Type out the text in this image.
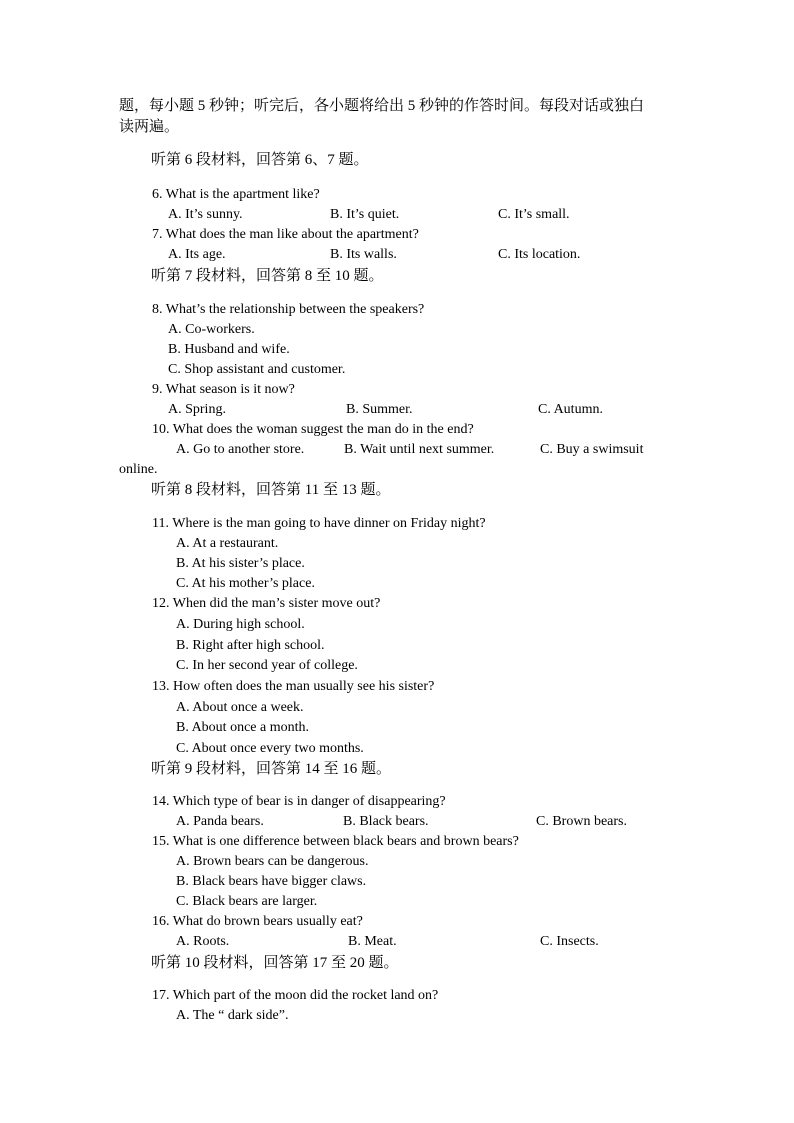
题，每小题 5 秒钟；听完后，各小题将给出 5 秒钟的作答时间。每段对话或独白
读两遍。
听第 6 段材料，回答第 6、7 题。
6. What is the apartment like?
A. It’s sunny.	B. It’s quiet.	C. It’s small.
7. What does the man like about the apartment?
A. Its age.	B. Its walls.	C. Its location.
听第 7 段材料，回答第 8 至 10 题。
8. What’s the relationship between the speakers?
A. Co-workers.
B. Husband and wife.
C. Shop assistant and customer.
9. What season is it now?
A. Spring.	B. Summer.	C. Autumn.
10. What does the woman suggest the man do in the end?
A. Go to another store.	B. Wait until next summer.	C. Buy a swimsuit
online.
听第 8 段材料，回答第 11 至 13 题。
11. Where is the man going to have dinner on Friday night?
A. At a restaurant.
B. At his sister’s place.
C. At his mother’s place.
12. When did the man’s sister move out?
A. During high school.
B. Right after high school.
C. In her second year of college.
13. How often does the man usually see his sister?
A. About once a week.
B. About once a month.
C. About once every two months.
听第 9 段材料，回答第 14 至 16 题。
14. Which type of bear is in danger of disappearing?
A. Panda bears.	B. Black bears.	C. Brown bears.
15. What is one difference between black bears and brown bears?
A. Brown bears can be dangerous.
B. Black bears have bigger claws.
C. Black bears are larger.
16. What do brown bears usually eat?
A. Roots.	B. Meat.	C. Insects.
听第 10 段材料，回答第 17 至 20 题。
17. Which part of the moon did the rocket land on?
A. The “ dark side”.
